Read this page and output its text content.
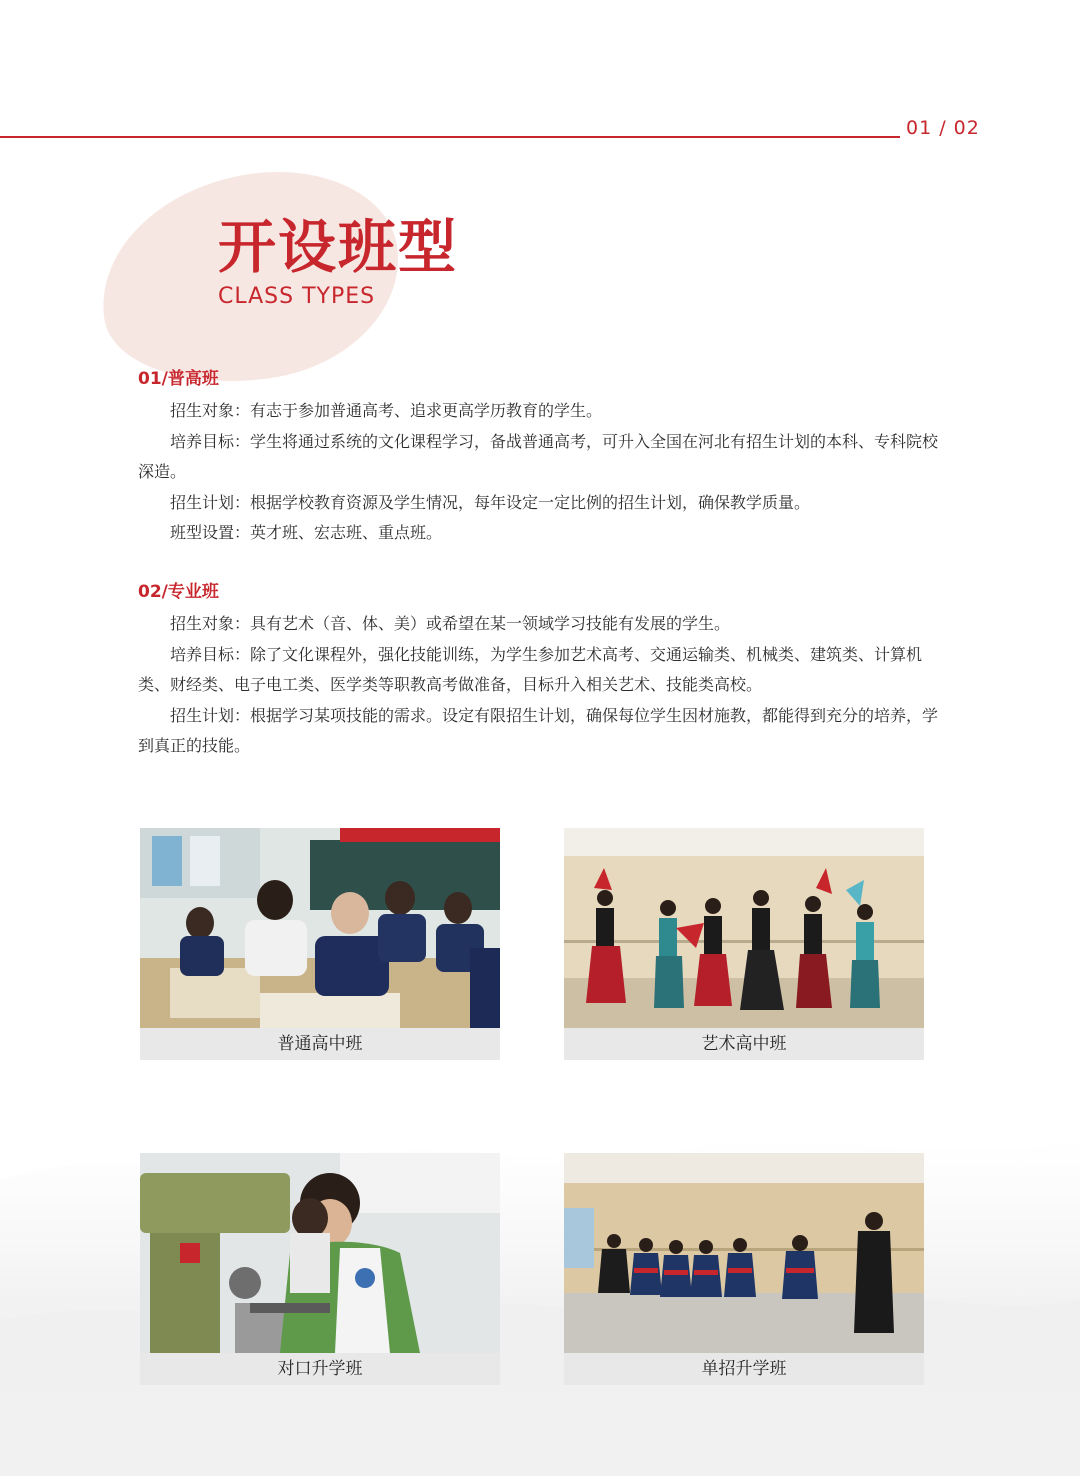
01 / 02
开设班型
CLASS TYPES
01/普高班

招生对象：有志于参加普通高考、追求更高学历教育的学生。

培养目标：学生将通过系统的文化课程学习，备战普通高考，可升入全国在河北有招生计划的本科、专科院校深造。

招生计划：根据学校教育资源及学生情况，每年设定一定比例的招生计划，确保教学质量。

班型设置：英才班、宏志班、重点班。

02/专业班

招生对象：具有艺术（音、体、美）或希望在某一领域学习技能有发展的学生。

培养目标：除了文化课程外，强化技能训练，为学生参加艺术高考、交通运输类、机械类、建筑类、计算机类、财经类、电子电工类、医学类等职教高考做准备，目标升入相关艺术、技能类高校。

招生计划：根据学习某项技能的需求。设定有限招生计划，确保每位学生因材施教，都能得到充分的培养，学到真正的技能。

普通高中班	艺术高中班
对口升学班	单招升学班
